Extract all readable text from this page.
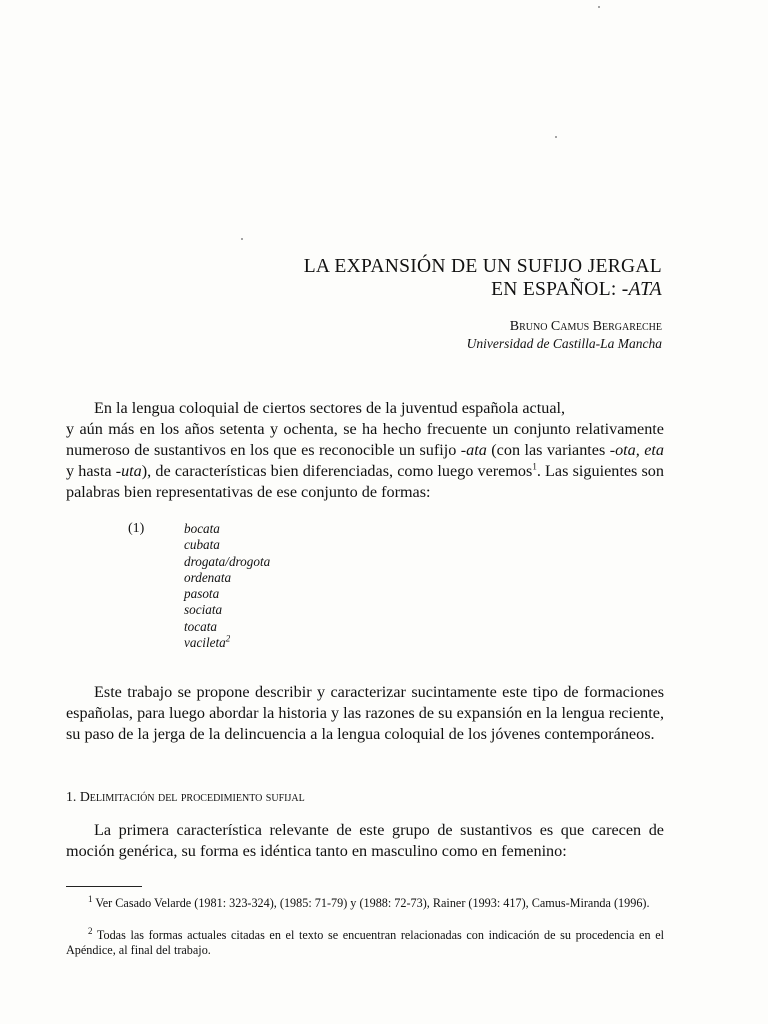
LA EXPANSIÓN DE UN SUFIJO JERGAL
EN ESPAÑOL: -ATA
Bruno Camus Bergareche
Universidad de Castilla-La Mancha
En la lengua coloquial de ciertos sectores de la juventud española actual,
y aún más en los años setenta y ochenta, se ha hecho frecuente un conjunto relativamente numeroso de sustantivos en los que es reconocible un sufijo -ata (con las variantes -ota, eta y hasta -uta), de características bien diferenciadas, como luego veremos$^1$. Las siguientes son palabras bien representativas de ese conjunto de formas:
(1)	bocata
cubata
drogata/drogota
ordenata
pasota
sociata
tocata
vacileta$^2$
Este trabajo se propone describir y caracterizar sucintamente este tipo de formaciones españolas, para luego abordar la historia y las razones de su expansión en la lengua reciente, su paso de la jerga de la delincuencia a la lengua coloquial de los jóvenes contemporáneos.
1. Delimitación del procedimiento sufijal
La primera característica relevante de este grupo de sustantivos es que carecen de moción genérica, su forma es idéntica tanto en masculino como en femenino:
$^1$ Ver Casado Velarde (1981: 323-324), (1985: 71-79) y (1988: 72-73), Rainer (1993: 417), Camus-Miranda (1996).
$^2$ Todas las formas actuales citadas en el texto se encuentran relacionadas con indicación de su procedencia en el Apéndice, al final del trabajo.
